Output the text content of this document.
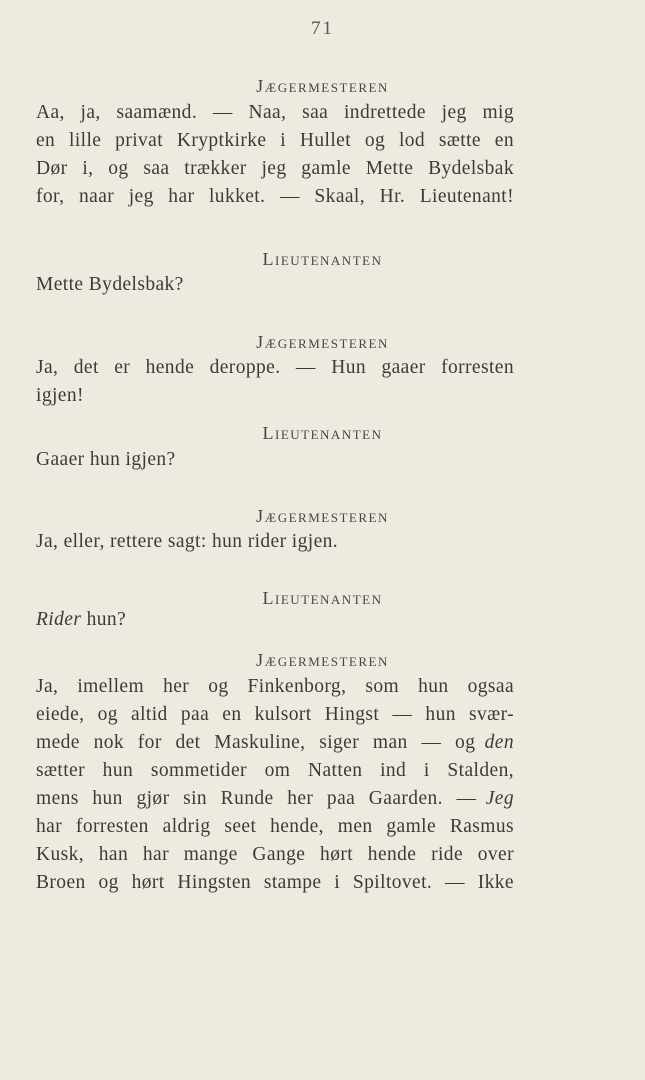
71
Jægermesteren
Aa, ja, saamænd. — Naa, saa indrettede jeg mig
en lille privat Kryptkirke i Hullet og lod sætte en
Dør i, og saa trækker jeg gamle Mette Bydelsbak
for, naar jeg har lukket. — Skaal, Hr. Lieutenant!
Lieutenanten
Mette Bydelsbak?
Jægermesteren
Ja, det er hende deroppe. — Hun gaaer forresten
igjen!
Lieutenanten
Gaaer hun igjen?
Jægermesteren
Ja, eller, rettere sagt: hun rider igjen.
Lieutenanten
Rider hun?
Jægermesteren
Ja, imellem her og Finkenborg, som hun ogsaa
eiede, og altid paa en kulsort Hingst — hun svær-
mede nok for det Maskuline, siger man — og den
sætter hun sommetider om Natten ind i Stalden,
mens hun gjør sin Runde her paa Gaarden. — Jeg
har forresten aldrig seet hende, men gamle Rasmus
Kusk, han har mange Gange hørt hende ride over
Broen og hørt Hingsten stampe i Spiltovet. — Ikke
